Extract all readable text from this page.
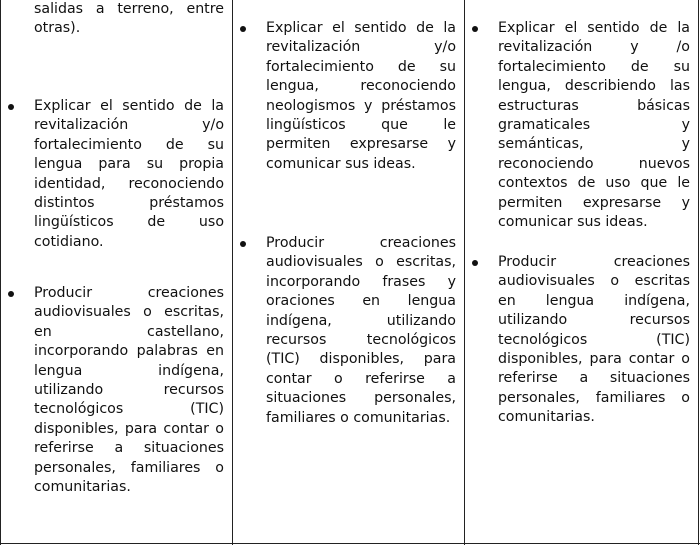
salidas a terreno, entre otras).
Explicar el sentido de la revitalización y/o fortalecimiento de su lengua para su propia identidad, reconociendo distintos préstamos lingüísticos de uso cotidiano.
Producir creaciones audiovisuales o escritas, en castellano, incorporando palabras en lengua indígena, utilizando recursos tecnológicos (TIC) disponibles, para contar o referirse a situaciones personales, familiares o comunitarias.
Explicar el sentido de la revitalización y/o fortalecimiento de su lengua, reconociendo neologismos y préstamos lingüísticos que le permiten expresarse y comunicar sus ideas.
Producir creaciones audiovisuales o escritas, incorporando frases y oraciones en lengua indígena, utilizando recursos tecnológicos (TIC) disponibles, para contar o referirse a situaciones personales, familiares o comunitarias.
Explicar el sentido de la revitalización y /o fortalecimiento de su lengua, describiendo las estructuras básicas gramaticales y semánticas, y reconociendo nuevos contextos de uso que le permiten expresarse y comunicar sus ideas.
Producir creaciones audiovisuales o escritas en lengua indígena, utilizando recursos tecnológicos (TIC) disponibles, para contar o referirse a situaciones personales, familiares o comunitarias.
